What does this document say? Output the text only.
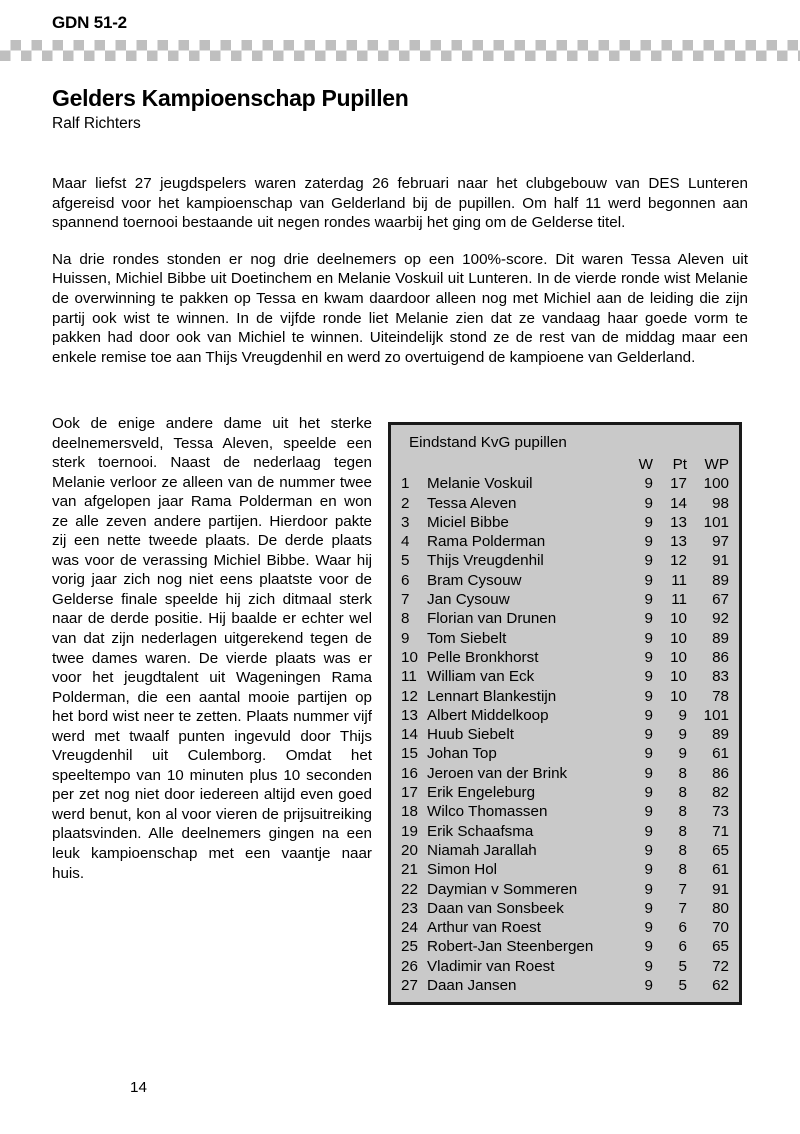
GDN 51-2
Gelders Kampioenschap Pupillen

Ralf Richters

Maar liefst 27 jeugdspelers waren zaterdag 26 februari naar het clubgebouw van DES Lunteren afgereisd voor het kampioenschap van Gelderland bij de pupillen. Om half 11 werd begonnen aan spannend toernooi bestaande uit negen rondes waarbij het ging om de Gelderse titel.

Na drie rondes stonden er nog drie deelnemers op een 100%-score. Dit waren Tessa Aleven uit Huissen, Michiel Bibbe uit Doetinchem en Melanie Voskuil uit Lunteren. In de vierde ronde wist Melanie de overwinning te pakken op Tessa en kwam daardoor alleen nog met Michiel aan de leiding die zijn partij ook wist te winnen. In de vijfde ronde liet Melanie zien dat ze vandaag haar goede vorm te pakken had door ook van Michiel te winnen. Uiteindelijk stond ze de rest van de middag maar een enkele remise toe aan Thijs Vreugdenhil en werd zo overtuigend de kampioene van Gelderland.

Ook de enige andere dame uit het sterke deelnemersveld, Tessa Aleven, speelde een sterk toernooi. Naast de nederlaag tegen Melanie verloor ze alleen van de nummer twee van afgelopen jaar Rama Polderman en won ze alle zeven andere partijen. Hierdoor pakte zij een nette tweede plaats. De derde plaats was voor de verassing Michiel Bibbe. Waar hij vorig jaar zich nog niet eens plaatste voor de Gelderse finale speelde hij zich ditmaal sterk naar de derde positie. Hij baalde er echter wel van dat zijn nederlagen uitgerekend tegen de twee dames waren. De vierde plaats was er voor het jeugdtalent uit Wageningen Rama Polderman, die een aantal mooie partijen op het bord wist neer te zetten. Plaats nummer vijf werd met twaalf punten ingevuld door Thijs Vreugdenhil uit Culemborg. Omdat het speeltempo van 10 minuten plus 10 seconden per zet nog niet door iedereen altijd even goed werd benut, kon al voor vieren de prijsuitreiking plaatsvinden. Alle deelnemers gingen na een leuk kampioenschap met een vaantje naar huis.

Eindstand KvG pupillen
		W	Pt	WP
1	Melanie Voskuil	9	17	100
2	Tessa Aleven	9	14	98
3	Miciel Bibbe	9	13	101
4	Rama Polderman	9	13	97
5	Thijs Vreugdenhil	9	12	91
6	Bram Cysouw	9	11	89
7	Jan Cysouw	9	11	67
8	Florian van Drunen	9	10	92
9	Tom Siebelt	9	10	89
10	Pelle Bronkhorst	9	10	86
11	William van Eck	9	10	83
12	Lennart Blankestijn	9	10	78
13	Albert Middelkoop	9	9	101
14	Huub Siebelt	9	9	89
15	Johan Top	9	9	61
16	Jeroen van der Brink	9	8	86
17	Erik Engeleburg	9	8	82
18	Wilco Thomassen	9	8	73
19	Erik Schaafsma	9	8	71
20	Niamah Jarallah	9	8	65
21	Simon Hol	9	8	61
22	Daymian v Sommeren	9	7	91
23	Daan van Sonsbeek	9	7	80
24	Arthur van Roest	9	6	70
25	Robert-Jan Steenbergen	9	6	65
26	Vladimir van Roest	9	5	72
27	Daan Jansen	9	5	62
14
